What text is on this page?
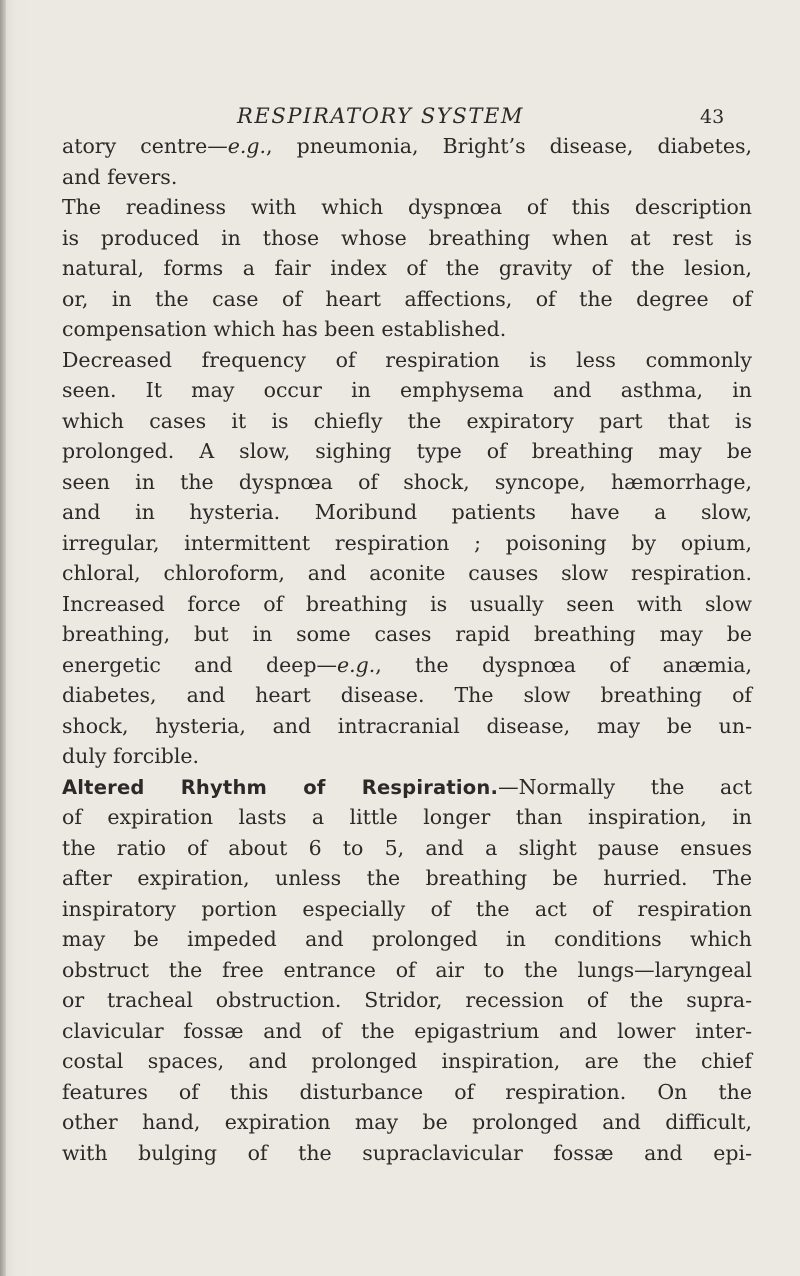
RESPIRATORY SYSTEM	43
atory centre—e.g., pneumonia, Bright’s disease, diabetes,
and fevers.
The readiness with which dyspnœa of this description
is produced in those whose breathing when at rest is
natural, forms a fair index of the gravity of the lesion,
or, in the case of heart affections, of the degree of
compensation which has been established.
Decreased frequency of respiration is less commonly
seen. It may occur in emphysema and asthma, in
which cases it is chiefly the expiratory part that is
prolonged. A slow, sighing type of breathing may be
seen in the dyspnœa of shock, syncope, hæmorrhage,
and in hysteria. Moribund patients have a slow,
irregular, intermittent respiration ; poisoning by opium,
chloral, chloroform, and aconite causes slow respiration.
Increased force of breathing is usually seen with slow
breathing, but in some cases rapid breathing may be
energetic and deep—e.g., the dyspnœa of anæmia,
diabetes, and heart disease. The slow breathing of
shock, hysteria, and intracranial disease, may be un-
duly forcible.
Altered Rhythm of Respiration.—Normally the act
of expiration lasts a little longer than inspiration, in
the ratio of about 6 to 5, and a slight pause ensues
after expiration, unless the breathing be hurried. The
inspiratory portion especially of the act of respiration
may be impeded and prolonged in conditions which
obstruct the free entrance of air to the lungs—laryngeal
or tracheal obstruction. Stridor, recession of the supra-
clavicular fossæ and of the epigastrium and lower inter-
costal spaces, and prolonged inspiration, are the chief
features of this disturbance of respiration. On the
other hand, expiration may be prolonged and difficult,
with bulging of the supraclavicular fossæ and epi-
